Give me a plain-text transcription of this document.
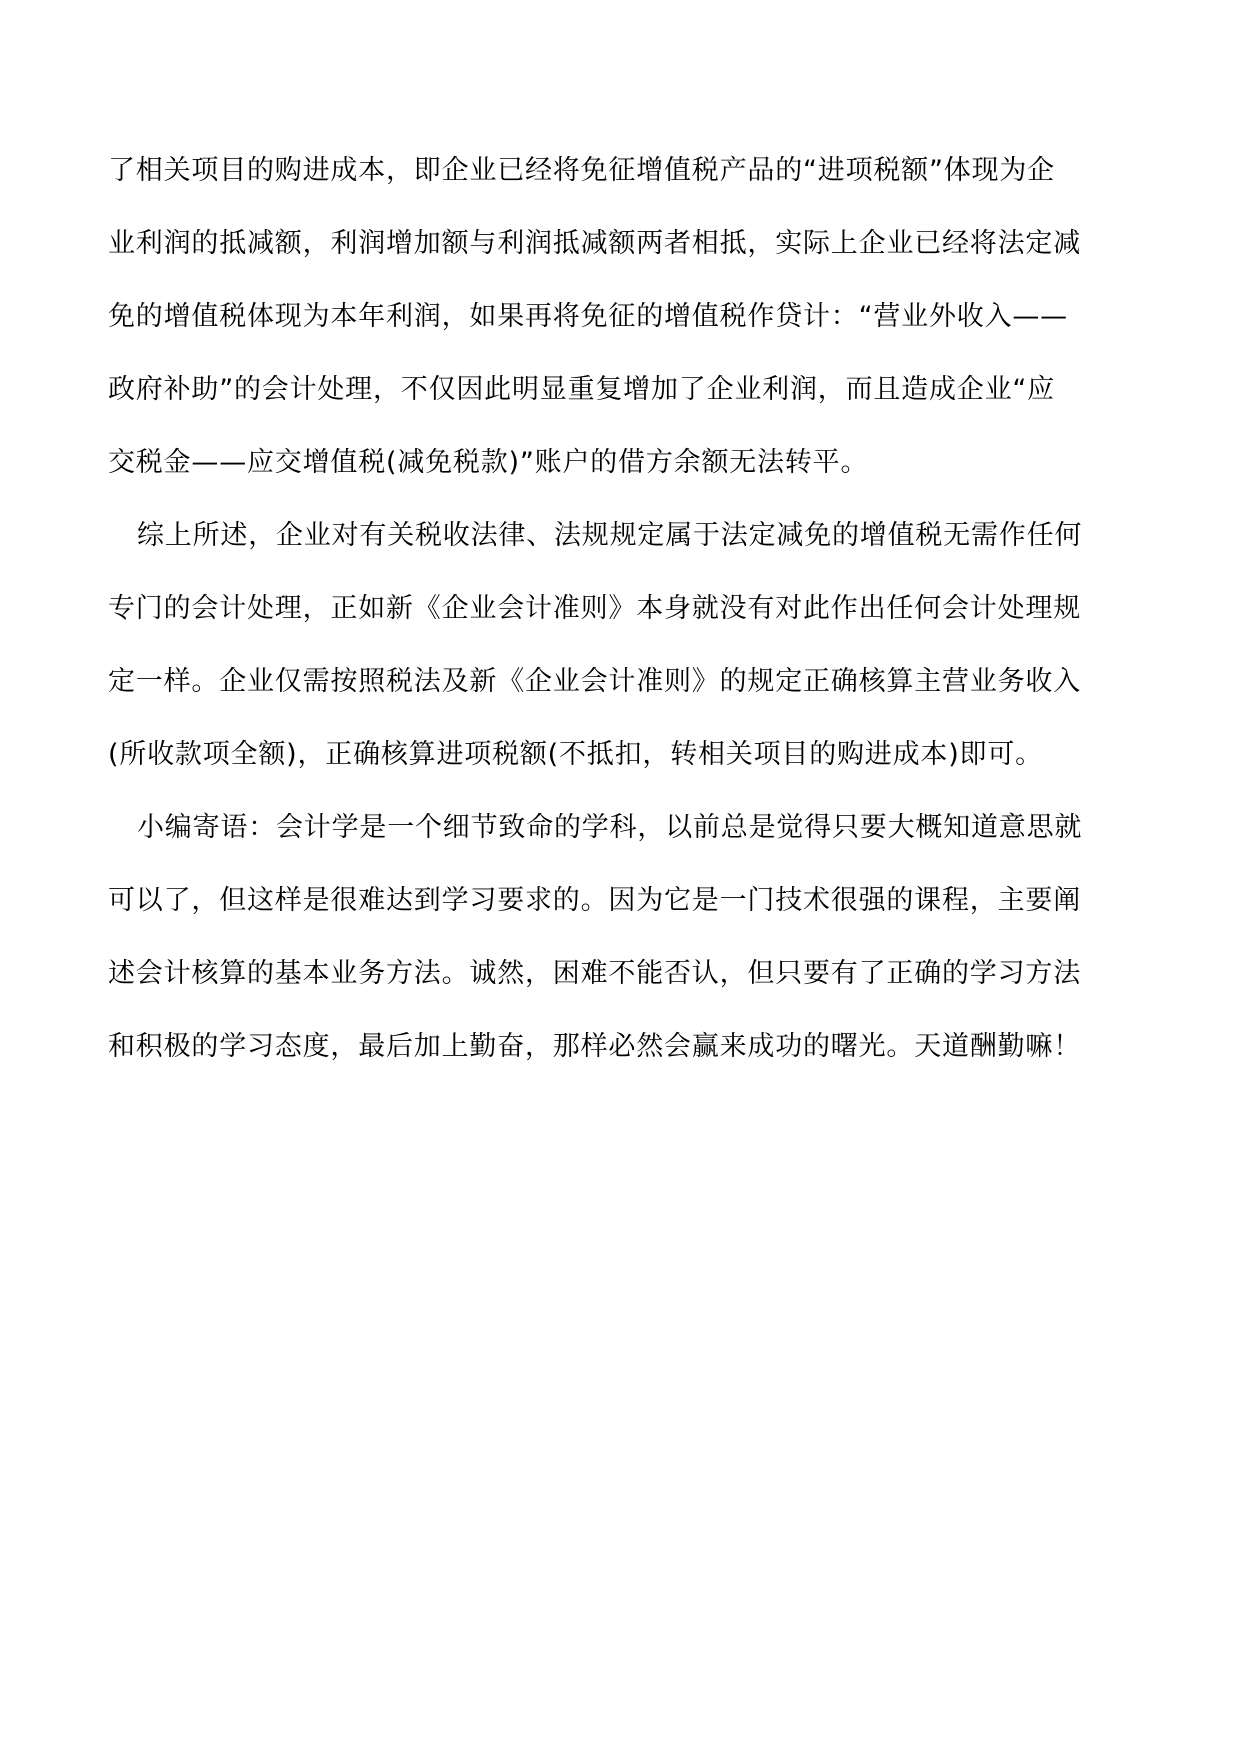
了相关项目的购进成本，即企业已经将免征增值税产品的“进项税额”体现为企
业利润的抵减额，利润增加额与利润抵减额两者相抵，实际上企业已经将法定减
免的增值税体现为本年利润，如果再将免征的增值税作贷计：“营业外收入——
政府补助”的会计处理，不仅因此明显重复增加了企业利润，而且造成企业“应
交税金——应交增值税(减免税款)”账户的借方余额无法转平。
综上所述，企业对有关税收法律、法规规定属于法定减免的增值税无需作任何
专门的会计处理，正如新《企业会计准则》本身就没有对此作出任何会计处理规
定一样。企业仅需按照税法及新《企业会计准则》的规定正确核算主营业务收入
(所收款项全额)，正确核算进项税额(不抵扣，转相关项目的购进成本)即可。
小编寄语：会计学是一个细节致命的学科，以前总是觉得只要大概知道意思就
可以了，但这样是很难达到学习要求的。因为它是一门技术很强的课程，主要阐
述会计核算的基本业务方法。诚然，困难不能否认，但只要有了正确的学习方法
和积极的学习态度，最后加上勤奋，那样必然会赢来成功的曙光。天道酬勤嘛！
